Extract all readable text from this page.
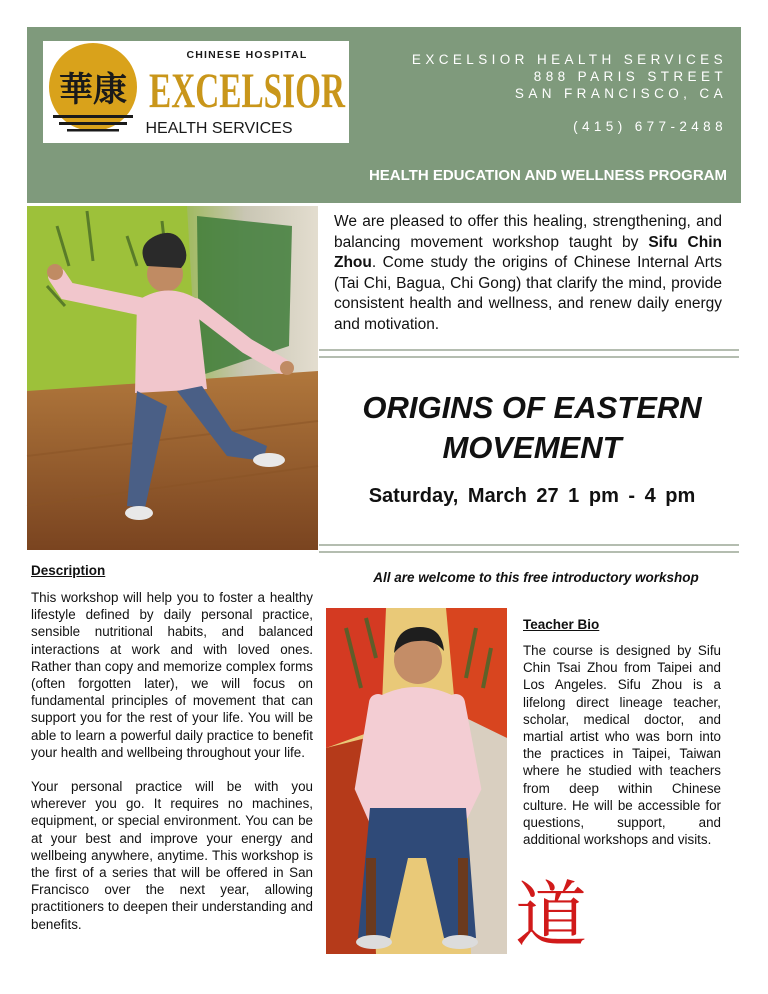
華康
CHINESE HOSPITAL
EXCELSIOR
HEALTH SERVICES
EXCELSIOR HEALTH SERVICES
888 PARIS STREET
SAN FRANCISCO, CA
(415) 677-2488
HEALTH EDUCATION AND WELLNESS PROGRAM
We are pleased to offer this healing, strengthening, and balancing movement workshop taught by Sifu Chin Zhou. Come study the origins of Chinese Internal Arts (Tai Chi, Bagua, Chi Gong) that clarify the mind, provide consistent health and wellness, and renew daily energy and motivation.
ORIGINS OF EASTERN
MOVEMENT
Saturday, March 27 1 pm - 4 pm
Description

This workshop will help you to foster a healthy lifestyle defined by daily personal practice, sensible nutritional habits, and balanced interactions at work and with loved ones. Rather than copy and memorize complex forms (often forgotten later), we will focus on fundamental principles of movement that can support you for the rest of your life. You will be able to learn a powerful daily practice to benefit your health and wellbeing throughout your life.

Your personal practice will be with you wherever you go. It requires no machines, equipment, or special environment. You can be at your best and improve your energy and wellbeing anywhere, anytime. This workshop is the first of a series that will be offered in San Francisco over the next year, allowing practitioners to deepen their understanding and benefits.

All are welcome to this free introductory workshop
Teacher Bio
The course is designed by Sifu Chin Tsai Zhou from Taipei and Los Angeles. Sifu Zhou is a lifelong direct lineage teacher, scholar, medical doctor, and martial artist who was born into the practices in Taipei, Taiwan where he studied with teachers from deep within Chinese culture. He will be accessible for questions, support, and additional workshops and visits.
道
